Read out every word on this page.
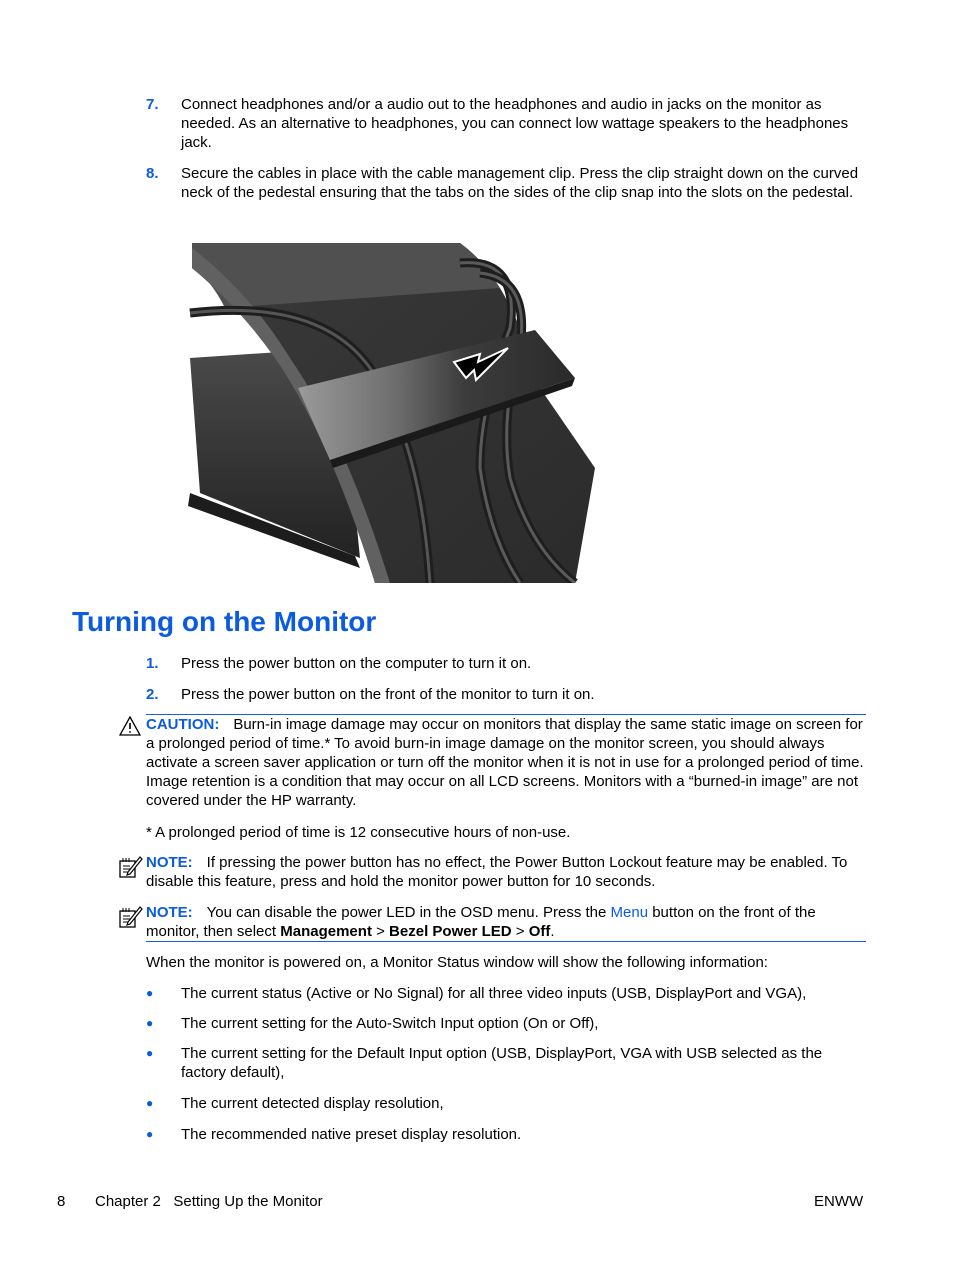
7. Connect headphones and/or a audio out to the headphones and audio in jacks on the monitor as needed. As an alternative to headphones, you can connect low wattage speakers to the headphones jack.
8. Secure the cables in place with the cable management clip. Press the clip straight down on the curved neck of the pedestal ensuring that the tabs on the sides of the clip snap into the slots on the pedestal.
Turning on the Monitor
1. Press the power button on the computer to turn it on.
2. Press the power button on the front of the monitor to turn it on.
CAUTION: Burn-in image damage may occur on monitors that display the same static image on screen for a prolonged period of time.* To avoid burn-in image damage on the monitor screen, you should always activate a screen saver application or turn off the monitor when it is not in use for a prolonged period of time. Image retention is a condition that may occur on all LCD screens. Monitors with a “burned-in image” are not covered under the HP warranty.
* A prolonged period of time is 12 consecutive hours of non-use.
NOTE: If pressing the power button has no effect, the Power Button Lockout feature may be enabled. To disable this feature, press and hold the monitor power button for 10 seconds.
NOTE: You can disable the power LED in the OSD menu. Press the Menu button on the front of the monitor, then select Management > Bezel Power LED > Off.
When the monitor is powered on, a Monitor Status window will show the following information:
● The current status (Active or No Signal) for all three video inputs (USB, DisplayPort and VGA),
● The current setting for the Auto-Switch Input option (On or Off),
● The current setting for the Default Input option (USB, DisplayPort, VGA with USB selected as the factory default),
● The current detected display resolution,
● The recommended native preset display resolution.
8 Chapter 2   Setting Up the Monitor	ENWW
